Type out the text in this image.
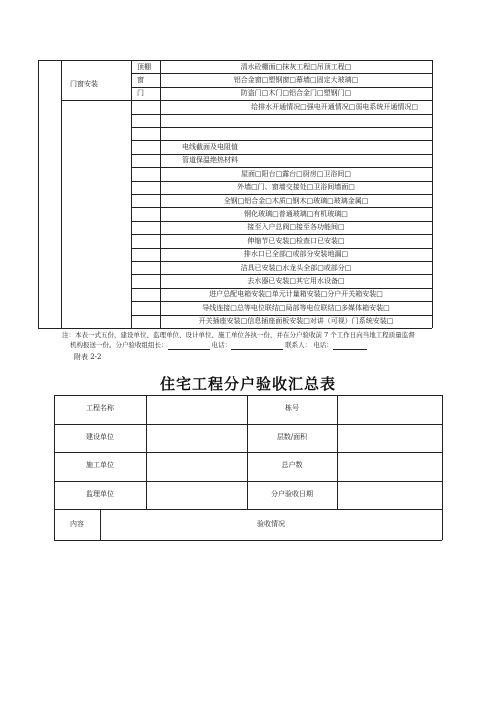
门窗安装
顶棚	清水砼棚面□抹灰工程□吊顶工程□
窗	铝合金窗□塑钢窗□幕墙□固定大玻璃□
门	防盗门□木门□铝合金门□塑钢门□
给排水开通情况□强电开通情况□弱电系统开通情况□
电线截面及电阻值
管道保温绝热材料
屋面□阳台□露台□厨房□卫浴间□
外墙□门、窗墙交接处□卫浴间墙面□
全钢□铝合金□木质□钢木□玻璃□玻璃金属□
钢化玻璃□普通玻璃□有机玻璃□
接至入户总阀□接至各功能间□
伸缩节已安装□检查口已安装□
排水口已全部□或部分安装地漏□
洁具已安装□水龙头全部□或部分□
去水器已安装□其它用水设备□
进户总配电箱安装□单元计量箱安装□分户开关箱安装□
导线连接□总等电位联结□局部等电位联结□多媒体箱安装□
开关插座安装□信息插座面板安装□对讲（可视）门系统安装□
注：本表一式五份，建设单位、监理单位、设计单位、施工单位各执一份，并在分户验收前 7 个工作日向当地工程质量监督
机构报送一份。分户验收组组长：	电话：	联系人： 电话：
附表 2-2
住宅工程分户验收汇总表
工程名称	栋号
建设单位	层数/面积
施工单位	总户数
监理单位	分户验收日期
内容	验收情况
